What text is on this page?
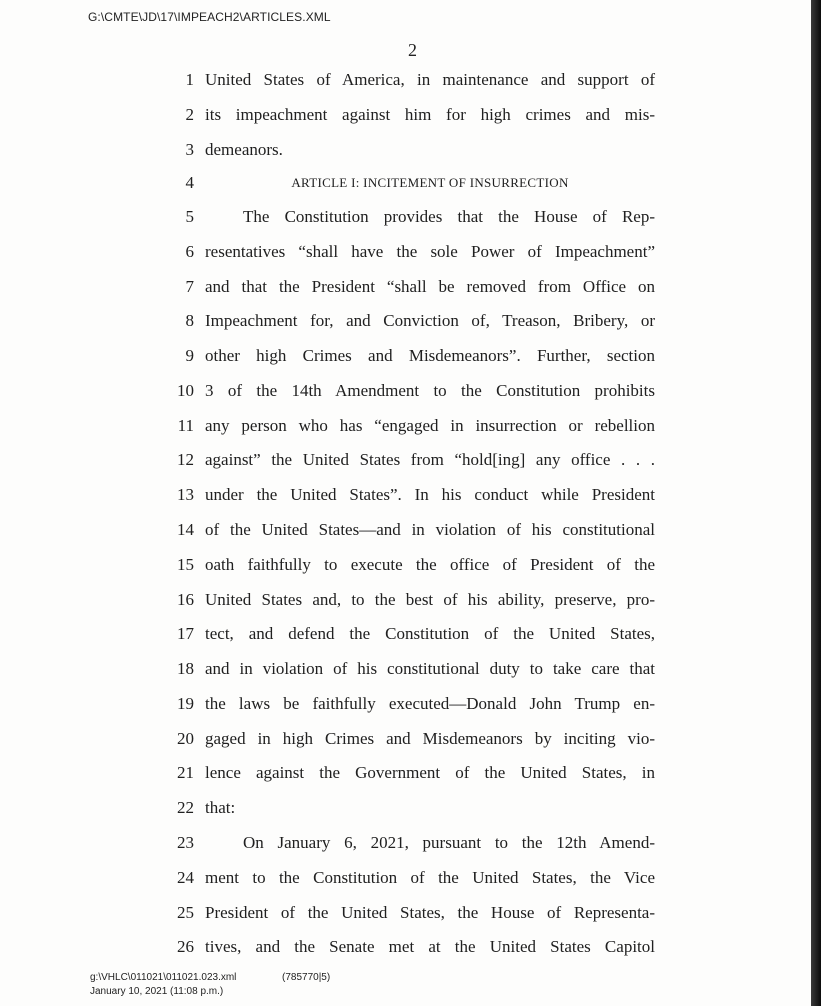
G:\CMTE\JD\17\IMPEACH2\ARTICLES.XML
2
1 United States of America, in maintenance and support of
2 its impeachment against him for high crimes and mis-
3 demeanors.
4	ARTICLE I: INCITEMENT OF INSURRECTION
5	The Constitution provides that the House of Rep-
6 resentatives “shall have the sole Power of Impeachment”
7 and that the President “shall be removed from Office on
8 Impeachment for, and Conviction of, Treason, Bribery, or
9 other high Crimes and Misdemeanors”. Further, section
10 3 of the 14th Amendment to the Constitution prohibits
11 any person who has “engaged in insurrection or rebellion
12 against” the United States from “hold[ing] any office . . .
13 under the United States”. In his conduct while President
14 of the United States—and in violation of his constitutional
15 oath faithfully to execute the office of President of the
16 United States and, to the best of his ability, preserve, pro-
17 tect, and defend the Constitution of the United States,
18 and in violation of his constitutional duty to take care that
19 the laws be faithfully executed—Donald John Trump en-
20 gaged in high Crimes and Misdemeanors by inciting vio-
21 lence against the Government of the United States, in
22 that:
23	On January 6, 2021, pursuant to the 12th Amend-
24 ment to the Constitution of the United States, the Vice
25 President of the United States, the House of Representa-
26 tives, and the Senate met at the United States Capitol
g:\VHLC\011021\011021.023.xml	(785770|5)
January 10, 2021 (11:08 p.m.)
